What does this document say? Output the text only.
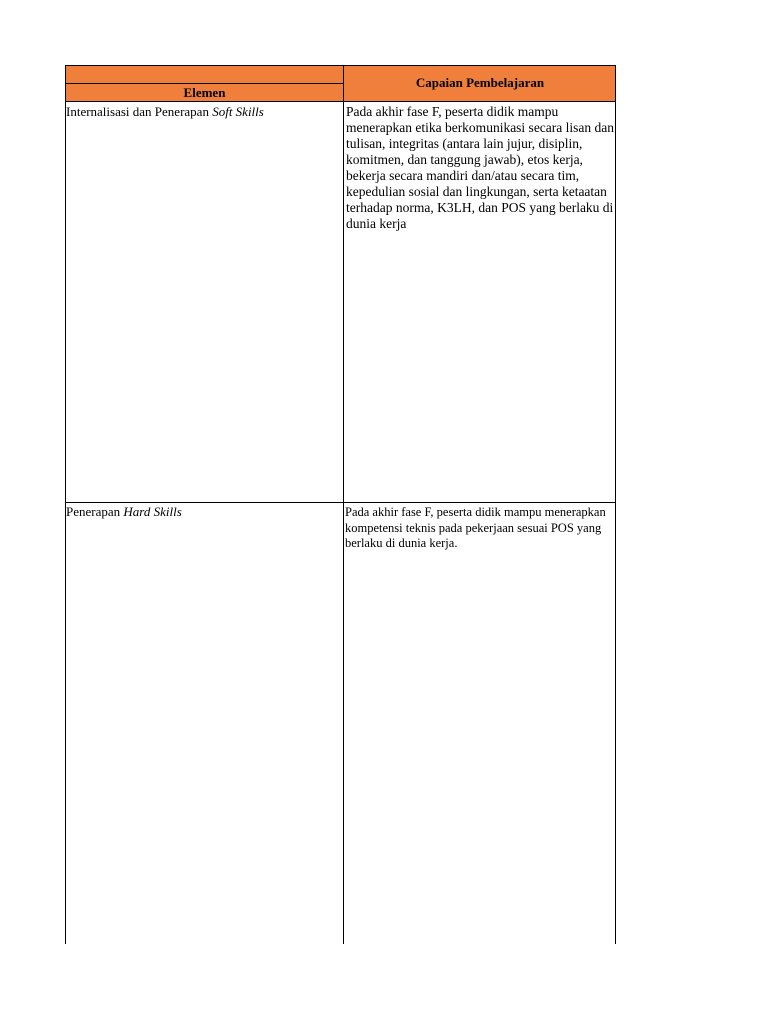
Elemen
Capaian Pembelajaran
Internalisasi dan Penerapan Soft Skills	Pada akhir fase F, peserta didik mampu menerapkan etika berkomunikasi secara lisan dan tulisan, integritas (antara lain jujur, disiplin, komitmen, dan tanggung jawab), etos kerja, bekerja secara mandiri dan/atau secara tim, kepedulian sosial dan lingkungan, serta ketaatan terhadap norma, K3LH, dan POS yang berlaku di dunia kerja
Penerapan Hard Skills	Pada akhir fase F, peserta didik mampu menerapkan kompetensi teknis pada pekerjaan sesuai POS yang berlaku di dunia kerja.
